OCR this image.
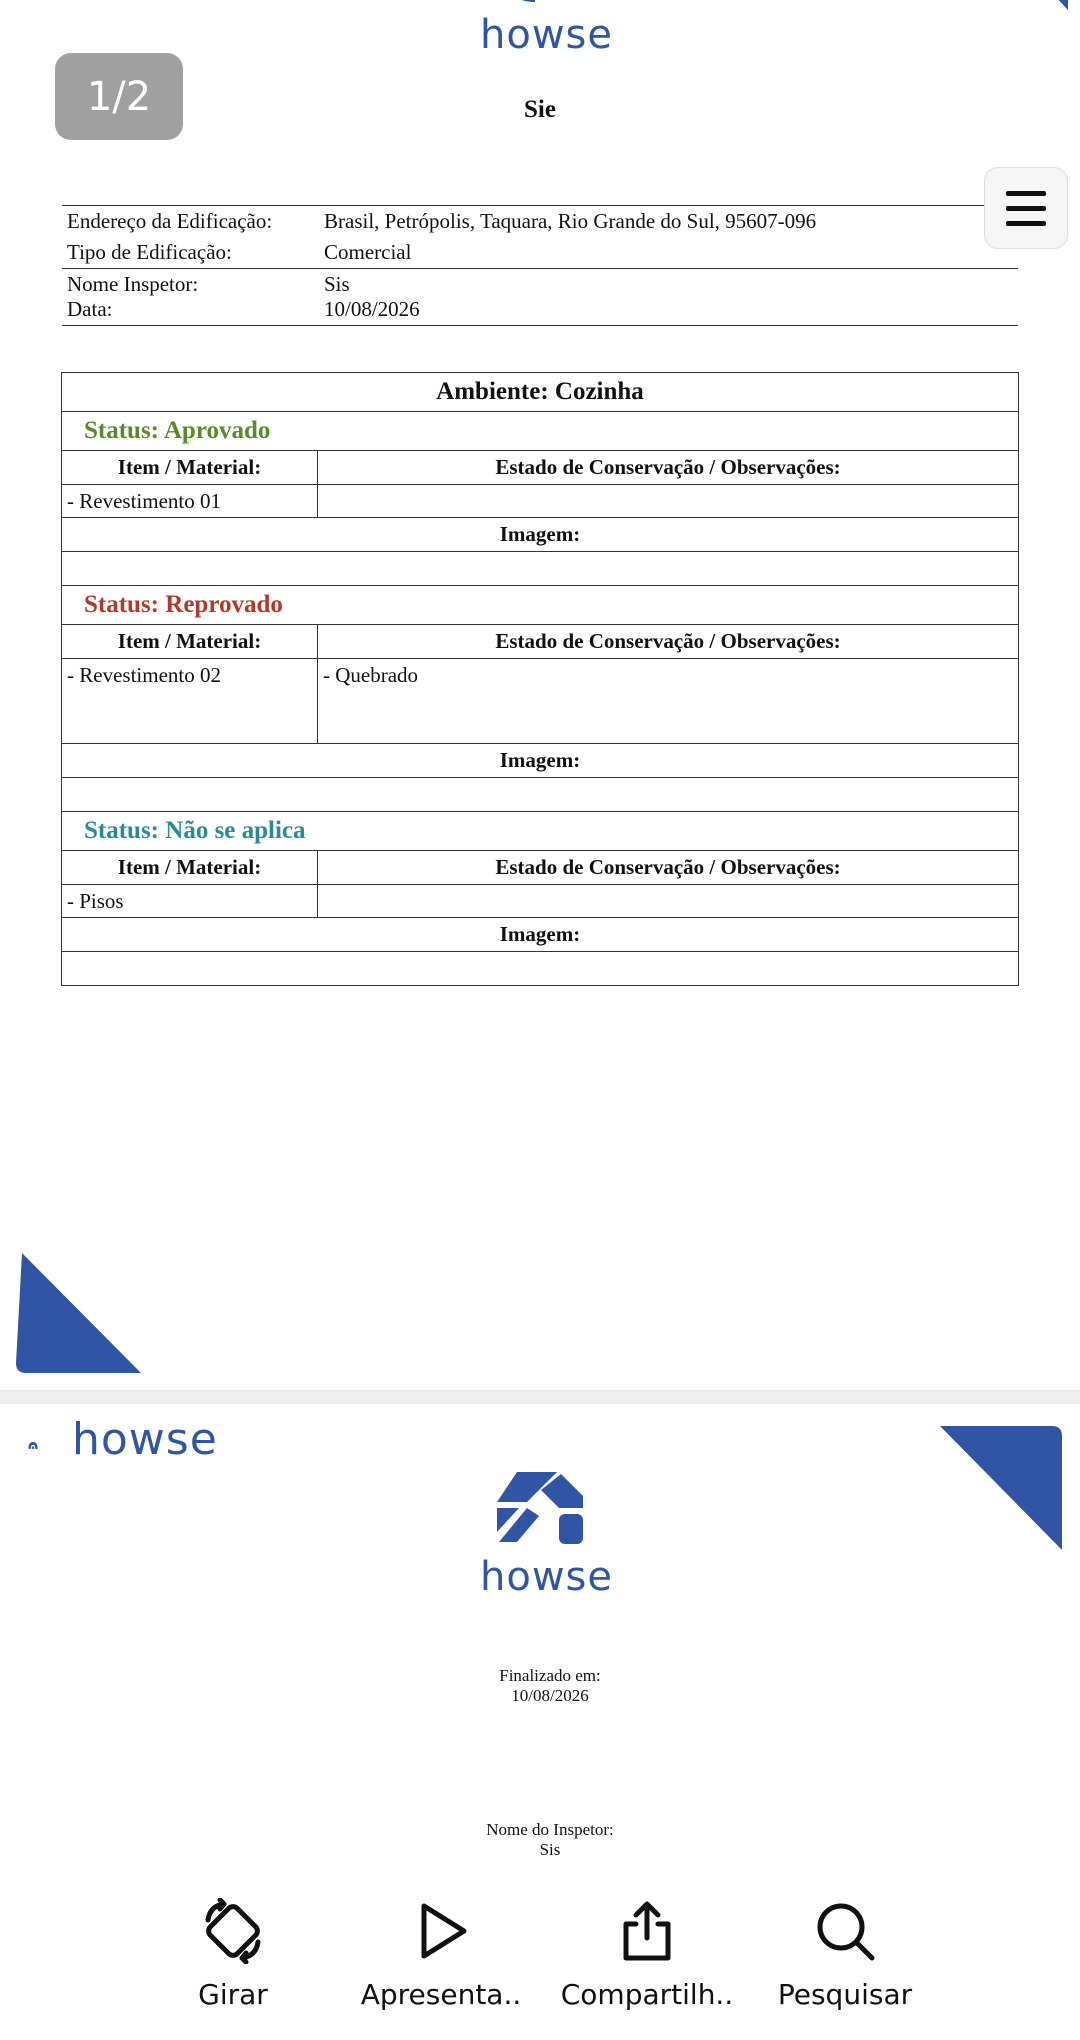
howse
Sie
Endereço da Edificação:	Brasil, Petrópolis, Taquara, Rio Grande do Sul, 95607-096
Tipo de Edificação:	Comercial
Nome Inspetor:	Sis
Data:	10/08/2026
Ambiente: Cozinha	
Status: Aprovado	
Item / Material:	Estado de Conservação / Observações:
- Revestimento 01	
Imagem:	

Status: Reprovado	
Item / Material:	Estado de Conservação / Observações:
- Revestimento 02	- Quebrado
Imagem:	

Status: Não se aplica	
Item / Material:	Estado de Conservação / Observações:
- Pisos	
Imagem:	

howse
howse
Finalizado em:
10/08/2026
Nome do Inspetor:
Sis
1/2
Girar	Apresenta.. Compartilh.. Pesquisar
